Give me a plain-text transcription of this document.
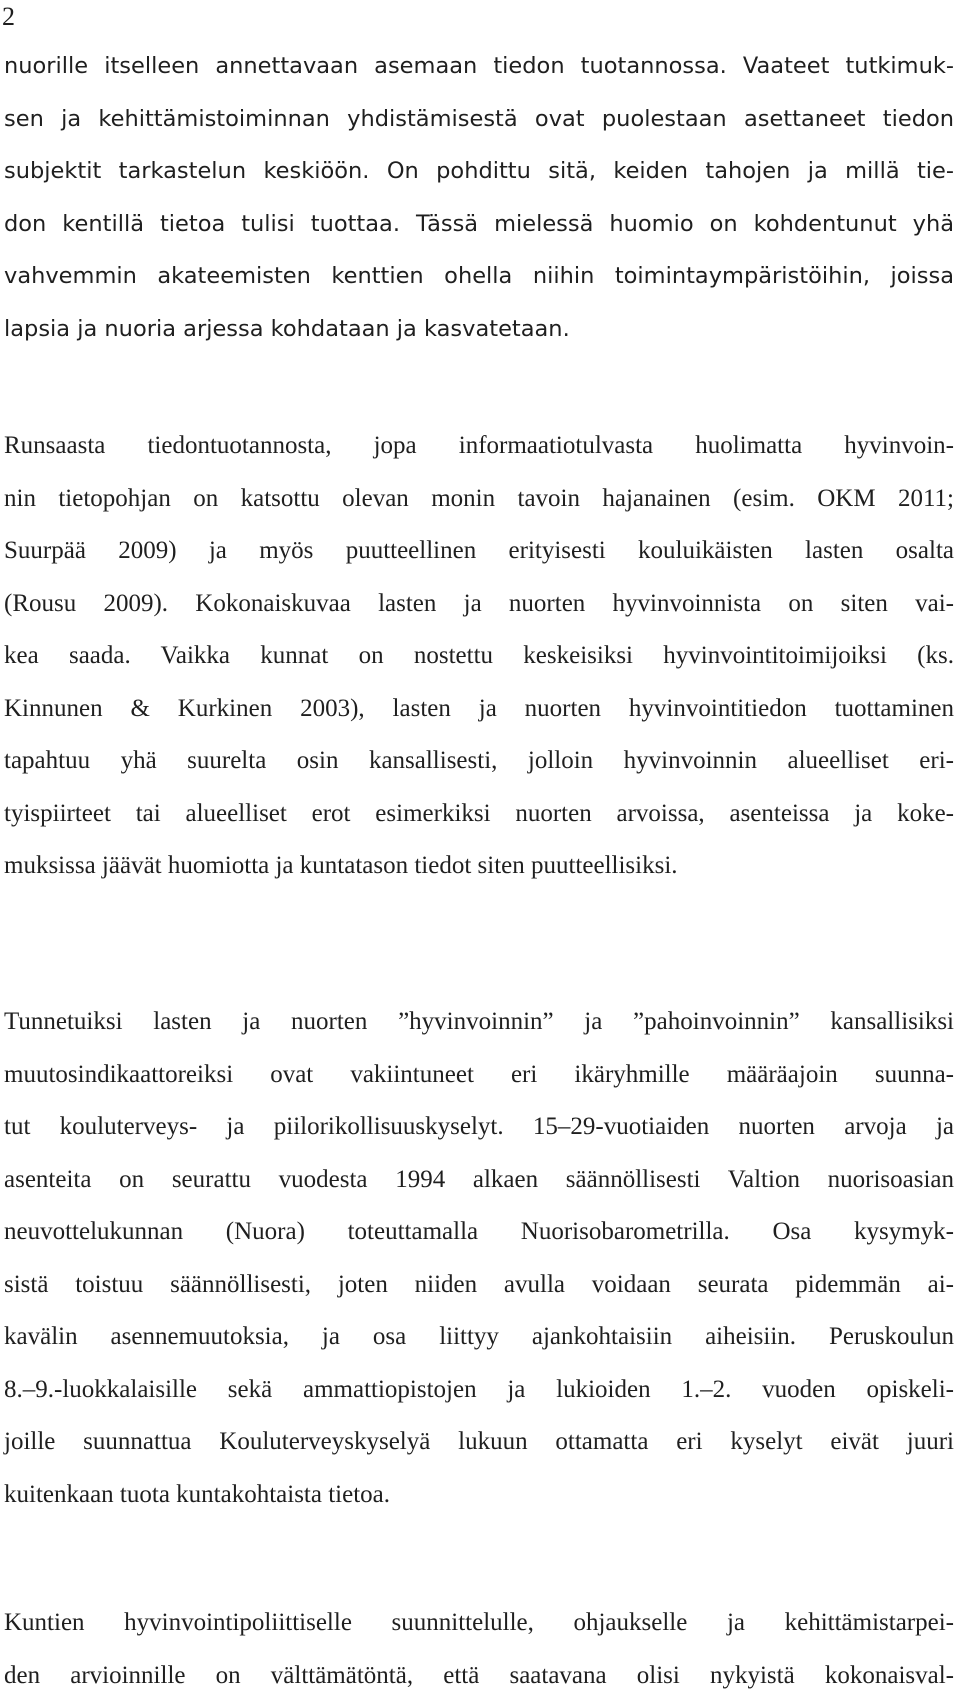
2
nuorille itselleen annettavaan asemaan tiedon tuotannossa. Vaateet tutkimuk-
sen ja kehittämistoiminnan yhdistämisestä ovat puolestaan asettaneet tiedon
subjektit tarkastelun keskiöön. On pohdittu sitä, keiden tahojen ja millä tie-
don kentillä tietoa tulisi tuottaa. Tässä mielessä huomio on kohdentunut yhä
vahvemmin akateemisten kenttien ohella niihin toimintaympäristöihin, joissa
lapsia ja nuoria arjessa kohdataan ja kasvatetaan.
Runsaasta tiedontuotannosta, jopa informaatiotulvasta huolimatta hyvinvoin-
nin tietopohjan on katsottu olevan monin tavoin hajanainen (esim. OKM 2011;
Suurpää 2009) ja myös puutteellinen erityisesti kouluikäisten lasten osalta
(Rousu 2009). Kokonaiskuvaa lasten ja nuorten hyvinvoinnista on siten vai-
kea saada. Vaikka kunnat on nostettu keskeisiksi hyvinvointitoimijoiksi (ks.
Kinnunen & Kurkinen 2003), lasten ja nuorten hyvinvointitiedon tuottaminen
tapahtuu yhä suurelta osin kansallisesti, jolloin hyvinvoinnin alueelliset eri-
tyispiirteet tai alueelliset erot esimerkiksi nuorten arvoissa, asenteissa ja koke-
muksissa jäävät huomiotta ja kuntatason tiedot siten puutteellisiksi.
Tunnetuiksi lasten ja nuorten ”hyvinvoinnin” ja ”pahoinvoinnin” kansallisiksi
muutosindikaattoreiksi ovat vakiintuneet eri ikäryhmille määräajoin suunna-
tut kouluterveys- ja piilorikollisuuskyselyt. 15–29-vuotiaiden nuorten arvoja ja
asenteita on seurattu vuodesta 1994 alkaen säännöllisesti Valtion nuorisoasian
neuvottelukunnan (Nuora) toteuttamalla Nuorisobarometrilla. Osa kysymyk-
sistä toistuu säännöllisesti, joten niiden avulla voidaan seurata pidemmän ai-
kavälin asennemuutoksia, ja osa liittyy ajankohtaisiin aiheisiin. Peruskoulun
8.–9.-luokkalaisille sekä ammattiopistojen ja lukioiden 1.–2. vuoden opiskeli-
joille suunnattua Kouluterveyskyselyä lukuun ottamatta eri kyselyt eivät juuri
kuitenkaan tuota kuntakohtaista tietoa.
Kuntien hyvinvointipoliittiselle suunnittelulle, ohjaukselle ja kehittämistarpei-
den arvioinnille on välttämätöntä, että saatavana olisi nykyistä kokonaisval-
